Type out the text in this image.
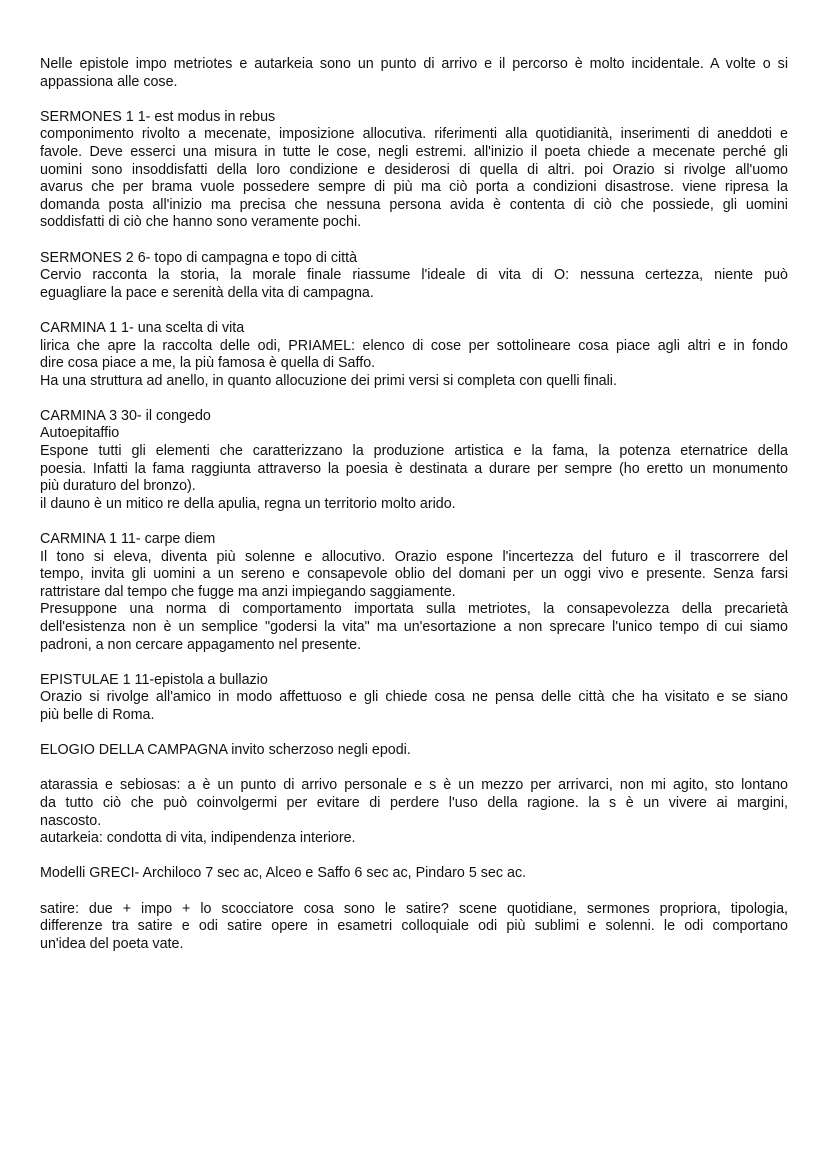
Nelle epistole impo metriotes e autarkeia sono un punto di arrivo e il percorso è molto incidentale. A volte o si
appassiona alle cose.
SERMONES 1 1- est modus in rebus
componimento rivolto a mecenate, imposizione allocutiva. riferimenti alla quotidianità, inserimenti di aneddoti e
favole. Deve esserci una misura in tutte le cose, negli estremi. all'inizio il poeta chiede a mecenate perché gli
uomini sono insoddisfatti della loro condizione e desiderosi di quella di altri. poi Orazio si rivolge all'uomo
avarus che per brama vuole possedere sempre di più ma ciò porta a condizioni disastrose. viene ripresa la
domanda posta all'inizio ma precisa che nessuna persona avida è contenta di ciò che possiede, gli uomini
soddisfatti di ciò che hanno sono veramente pochi.
SERMONES 2 6- topo di campagna e topo di città
Cervio racconta la storia, la morale finale riassume l'ideale di vita di O: nessuna certezza, niente può
eguagliare la pace e serenità della vita di campagna.
CARMINA 1 1- una scelta di vita
lirica che apre la raccolta delle odi, PRIAMEL: elenco di cose per sottolineare cosa piace agli altri e in fondo
dire cosa piace a me, la più famosa è quella di Saffo.
Ha una struttura ad anello, in quanto allocuzione dei primi versi si completa con quelli finali.
CARMINA 3 30- il congedo
Autoepitaffio
Espone tutti gli elementi che caratterizzano la produzione artistica e la fama, la potenza eternatrice della
poesia. Infatti la fama raggiunta attraverso la poesia è destinata a durare per sempre (ho eretto un monumento
più duraturo del bronzo).
il dauno è un mitico re della apulia, regna un territorio molto arido.
CARMINA 1 11- carpe diem
Il tono si eleva, diventa più solenne e allocutivo. Orazio espone l'incertezza del futuro e il trascorrere del
tempo, invita gli uomini a un sereno e consapevole oblio del domani per un oggi vivo e presente. Senza farsi
rattristare dal tempo che fugge ma anzi impiegando saggiamente.
Presuppone una norma di comportamento importata sulla metriotes, la consapevolezza della precarietà
dell'esistenza non è un semplice "godersi la vita" ma un'esortazione a non sprecare l'unico tempo di cui siamo
padroni, a non cercare appagamento nel presente.
EPISTULAE 1 11-epistola a bullazio
Orazio si rivolge all'amico in modo affettuoso e gli chiede cosa ne pensa delle città che ha visitato e se siano
più belle di Roma.
ELOGIO DELLA CAMPAGNA invito scherzoso negli epodi.
atarassia e sebiosas: a è un punto di arrivo personale e s è un mezzo per arrivarci, non mi agito, sto lontano
da tutto ciò che può coinvolgermi per evitare di perdere l'uso della ragione. la s è un vivere ai margini,
nascosto.
autarkeia: condotta di vita, indipendenza interiore.
Modelli GRECI- Archiloco 7 sec ac, Alceo e Saffo 6 sec ac, Pindaro 5 sec ac.
satire: due + impo + lo scocciatore cosa sono le satire? scene quotidiane, sermones propriora, tipologia,
differenze tra satire e odi satire opere in esametri colloquiale odi più sublimi e solenni. le odi comportano
un'idea del poeta vate.
